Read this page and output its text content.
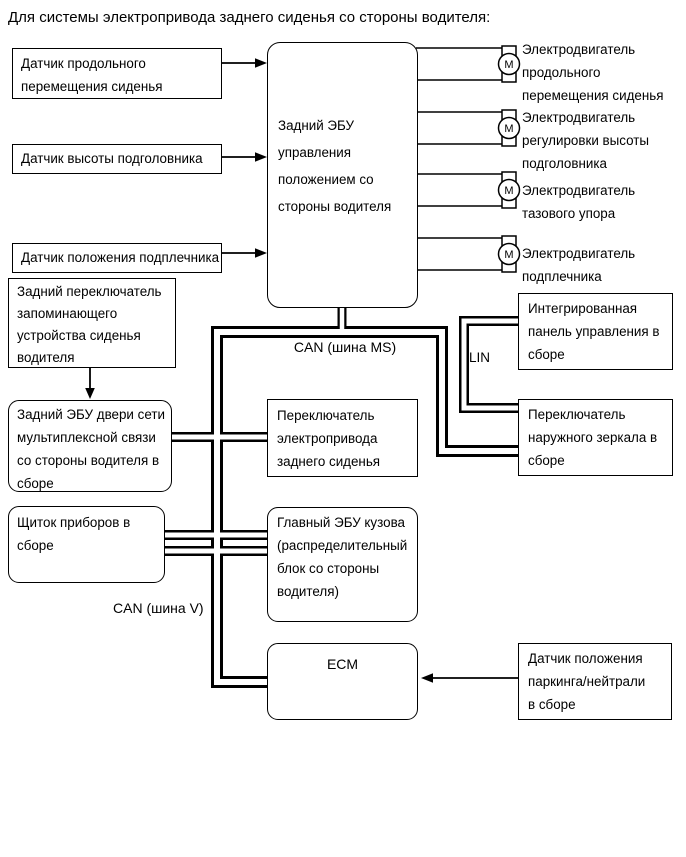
M
M
M
M
Для системы электропривода заднего сиденья со стороны водителя:
Датчик продольного
перемещения сиденья
Датчик высоты подголовника
Датчик положения подплечника
Задний переключатель
запоминающего
устройства сиденья
водителя
Задний ЭБУ двери сети
мультиплексной связи
со стороны водителя в
сборе
Щиток приборов в
сборе
Задний ЭБУ
управления
положением со
стороны водителя
Переключатель
электропривода
заднего сиденья
Главный ЭБУ кузова
(распределительный
блок со стороны
водителя)
ECM
Интегрированная
панель управления в
сборе
Переключатель
наружного зеркала в
сборе
Датчик положения
паркинга/нейтрали
в сборе
Электродвигатель
продольного
перемещения сиденья
Электродвигатель
регулировки высоты
подголовника
Электродвигатель
тазового упора
Электродвигатель
подплечника
CAN (шина MS)
CAN (шина V)
LIN
